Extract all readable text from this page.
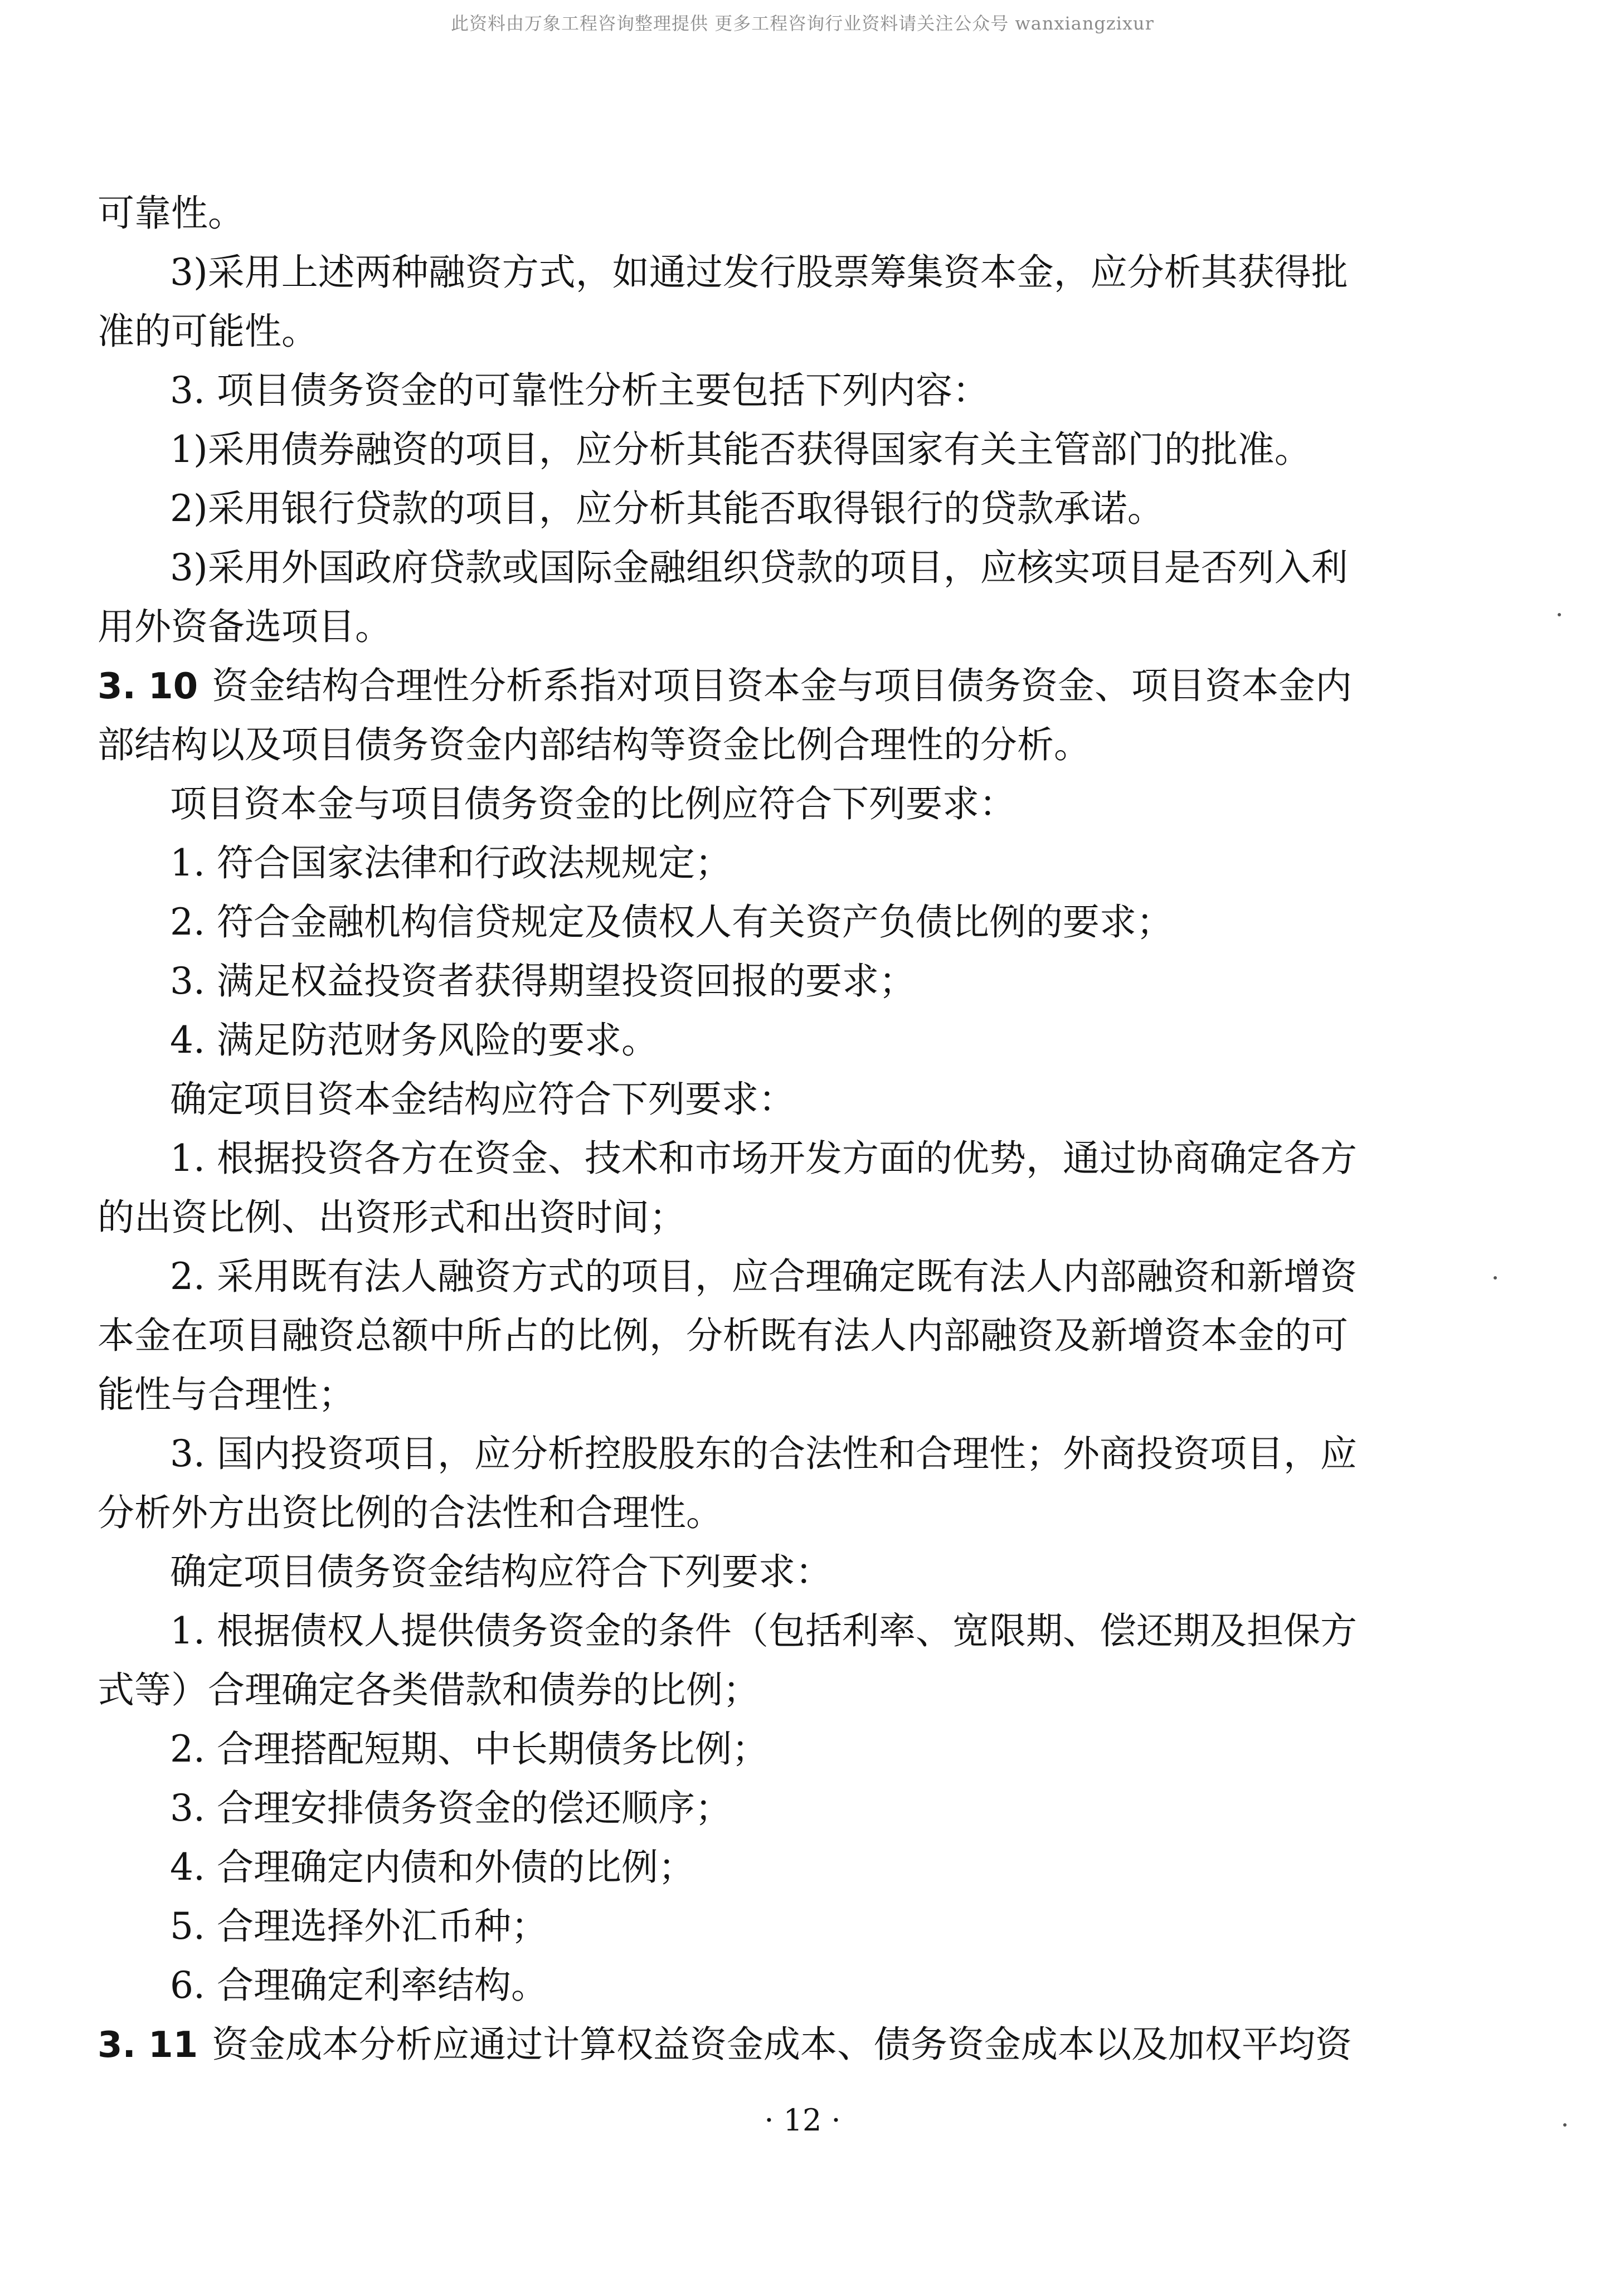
此资料由万象工程咨询整理提供 更多工程咨询行业资料请关注公众号 wanxiangzixur
可靠性。
3)采用上述两种融资方式，如通过发行股票筹集资本金，应分析其获得批
准的可能性。
3. 项目债务资金的可靠性分析主要包括下列内容：
1)采用债券融资的项目，应分析其能否获得国家有关主管部门的批准。
2)采用银行贷款的项目，应分析其能否取得银行的贷款承诺。
3)采用外国政府贷款或国际金融组织贷款的项目，应核实项目是否列入利
用外资备选项目。
3. 10 资金结构合理性分析系指对项目资本金与项目债务资金、项目资本金内
部结构以及项目债务资金内部结构等资金比例合理性的分析。
项目资本金与项目债务资金的比例应符合下列要求：
1. 符合国家法律和行政法规规定；
2. 符合金融机构信贷规定及债权人有关资产负债比例的要求；
3. 满足权益投资者获得期望投资回报的要求；
4. 满足防范财务风险的要求。
确定项目资本金结构应符合下列要求：
1. 根据投资各方在资金、技术和市场开发方面的优势，通过协商确定各方
的出资比例、出资形式和出资时间；
2. 采用既有法人融资方式的项目，应合理确定既有法人内部融资和新增资
本金在项目融资总额中所占的比例，分析既有法人内部融资及新增资本金的可
能性与合理性；
3. 国内投资项目，应分析控股股东的合法性和合理性；外商投资项目，应
分析外方出资比例的合法性和合理性。
确定项目债务资金结构应符合下列要求：
1. 根据债权人提供债务资金的条件（包括利率、宽限期、偿还期及担保方
式等）合理确定各类借款和债券的比例；
2. 合理搭配短期、中长期债务比例；
3. 合理安排债务资金的偿还顺序；
4. 合理确定内债和外债的比例；
5. 合理选择外汇币种；
6. 合理确定利率结构。
3. 11 资金成本分析应通过计算权益资金成本、债务资金成本以及加权平均资
· 12 ·
